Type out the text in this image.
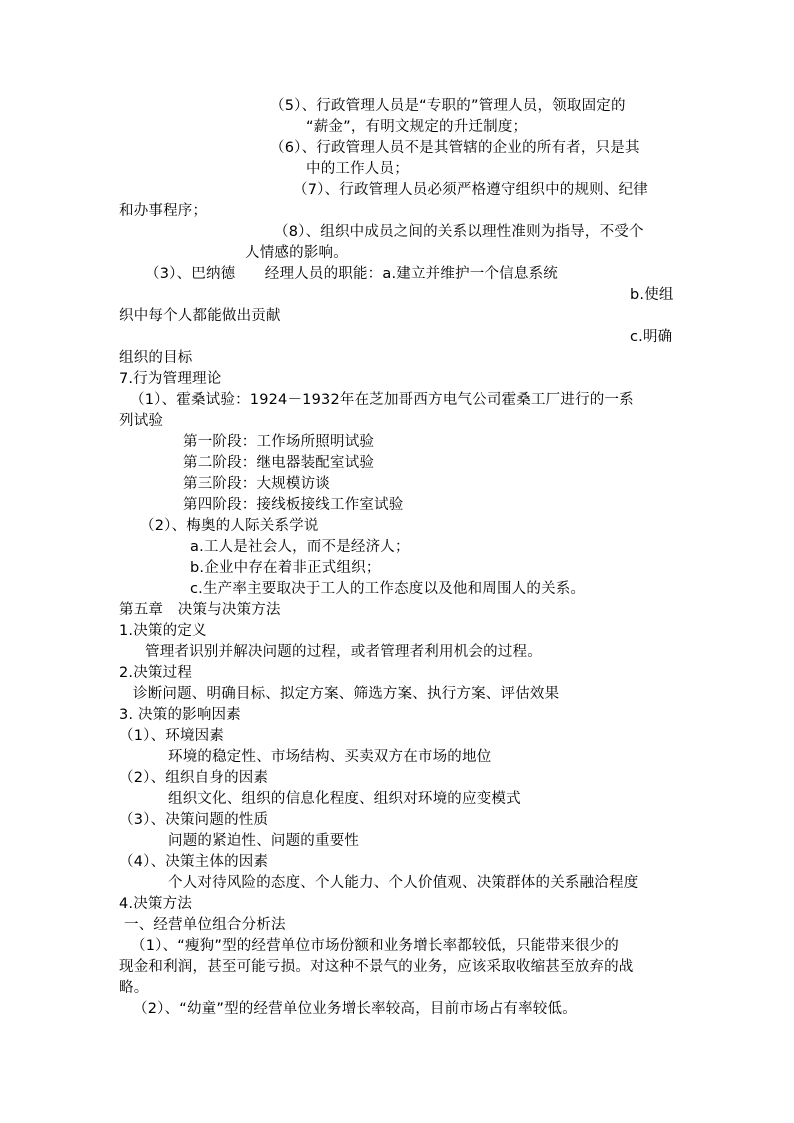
（5）、行政管理人员是“专职的”管理人员，领取固定的
“薪金”，有明文规定的升迁制度；
（6）、行政管理人员不是其管辖的企业的所有者，只是其
中的工作人员；
（7）、行政管理人员必须严格遵守组织中的规则、纪律
和办事程序；
（8）、组织中成员之间的关系以理性准则为指导，不受个
人情感的影响。
（3）、巴纳德　　经理人员的职能：a.建立并维护一个信息系统
b.使组
织中每个人都能做出贡献
c.明确
组织的目标
7.行为管理理论
（1）、霍桑试验：1924－1932年在芝加哥西方电气公司霍桑工厂进行的一系
列试验
第一阶段：工作场所照明试验
第二阶段：继电器装配室试验
第三阶段：大规模访谈
第四阶段：接线板接线工作室试验
（2）、梅奥的人际关系学说
a.工人是社会人，而不是经济人；
b.企业中存在着非正式组织；
c.生产率主要取决于工人的工作态度以及他和周围人的关系。
第五章　决策与决策方法
1.决策的定义
管理者识别并解决问题的过程，或者管理者利用机会的过程。
2.决策过程
诊断问题、明确目标、拟定方案、筛选方案、执行方案、评估效果
3. 决策的影响因素
（1）、环境因素
环境的稳定性、市场结构、买卖双方在市场的地位
（2）、组织自身的因素
组织文化、组织的信息化程度、组织对环境的应变模式
（3）、决策问题的性质
问题的紧迫性、问题的重要性
（4）、决策主体的因素
个人对待风险的态度、个人能力、个人价值观、决策群体的关系融洽程度
4.决策方法
一、经营单位组合分析法
（1）、“瘦狗”型的经营单位市场份额和业务增长率都较低，只能带来很少的
现金和利润，甚至可能亏损。对这种不景气的业务，应该采取收缩甚至放弃的战
略。
（2）、“幼童”型的经营单位业务增长率较高，目前市场占有率较低。
